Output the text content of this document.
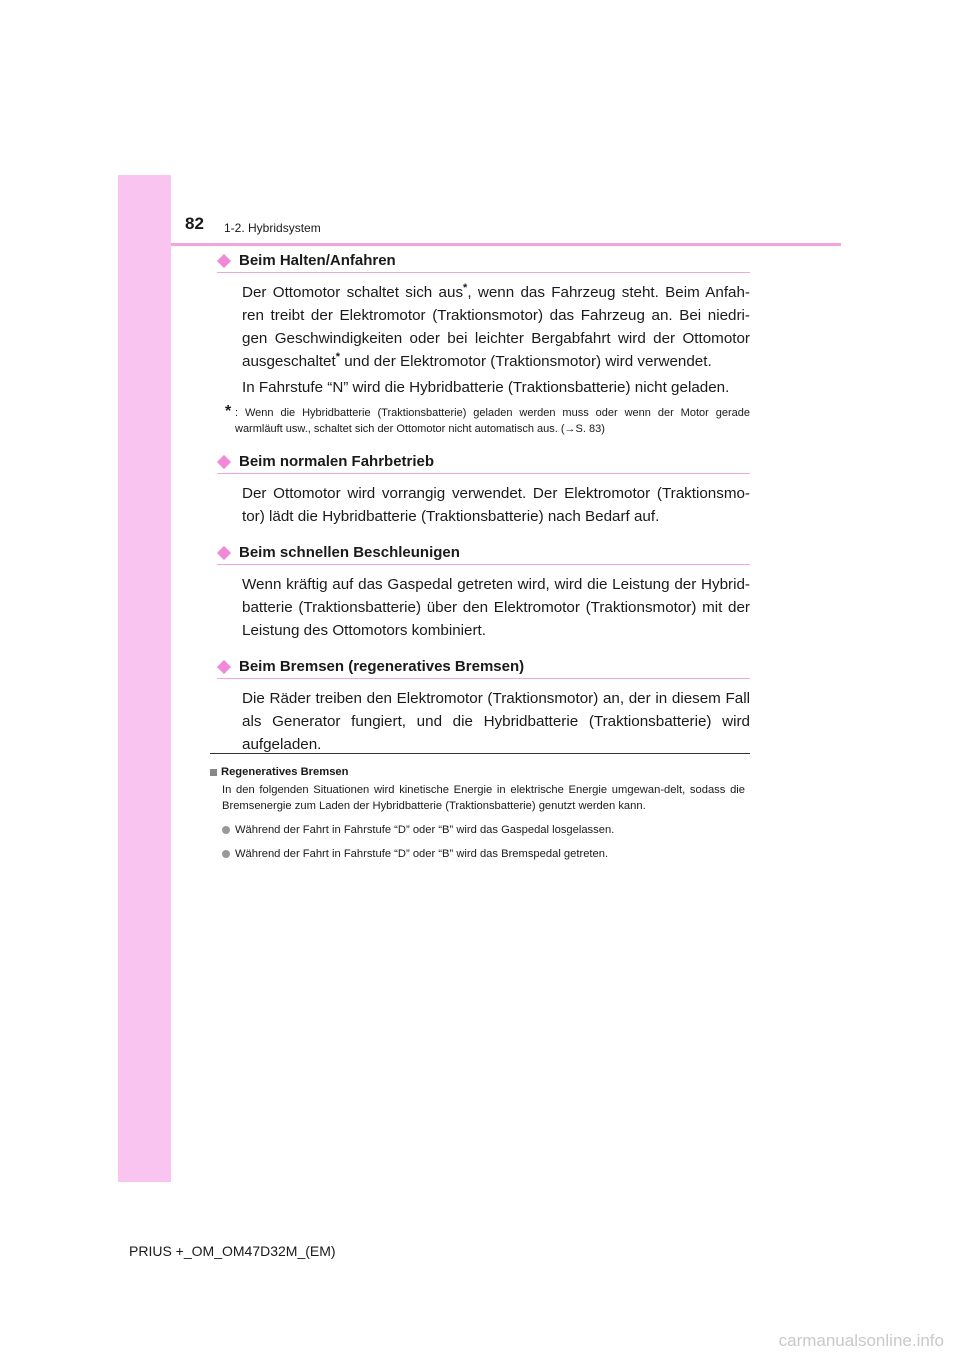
82 1-2. Hybridsystem
Beim Halten/Anfahren
Der Ottomotor schaltet sich aus*, wenn das Fahrzeug steht. Beim Anfah-ren treibt der Elektromotor (Traktionsmotor) das Fahrzeug an. Bei niedri-gen Geschwindigkeiten oder bei leichter Bergabfahrt wird der Ottomotor ausgeschaltet* und der Elektromotor (Traktionsmotor) wird verwendet.
In Fahrstufe “N” wird die Hybridbatterie (Traktionsbatterie) nicht geladen.
* : Wenn die Hybridbatterie (Traktionsbatterie) geladen werden muss oder wenn der Motor gerade warmläuft usw., schaltet sich der Ottomotor nicht automatisch aus. (→S. 83)
Beim normalen Fahrbetrieb
Der Ottomotor wird vorrangig verwendet. Der Elektromotor (Traktionsmo-tor) lädt die Hybridbatterie (Traktionsbatterie) nach Bedarf auf.
Beim schnellen Beschleunigen
Wenn kräftig auf das Gaspedal getreten wird, wird die Leistung der Hybrid-batterie (Traktionsbatterie) über den Elektromotor (Traktionsmotor) mit der Leistung des Ottomotors kombiniert.
Beim Bremsen (regeneratives Bremsen)
Die Räder treiben den Elektromotor (Traktionsmotor) an, der in diesem Fall als Generator fungiert, und die Hybridbatterie (Traktionsbatterie) wird aufgeladen.
Regeneratives Bremsen
In den folgenden Situationen wird kinetische Energie in elektrische Energie umgewan-delt, sodass die Bremsenergie zum Laden der Hybridbatterie (Traktionsbatterie) genutzt werden kann.
Während der Fahrt in Fahrstufe “D” oder “B” wird das Gaspedal losgelassen.
Während der Fahrt in Fahrstufe “D” oder “B” wird das Bremspedal getreten.
PRIUS +_OM_OM47D32M_(EM)
carmanualsonline.info
